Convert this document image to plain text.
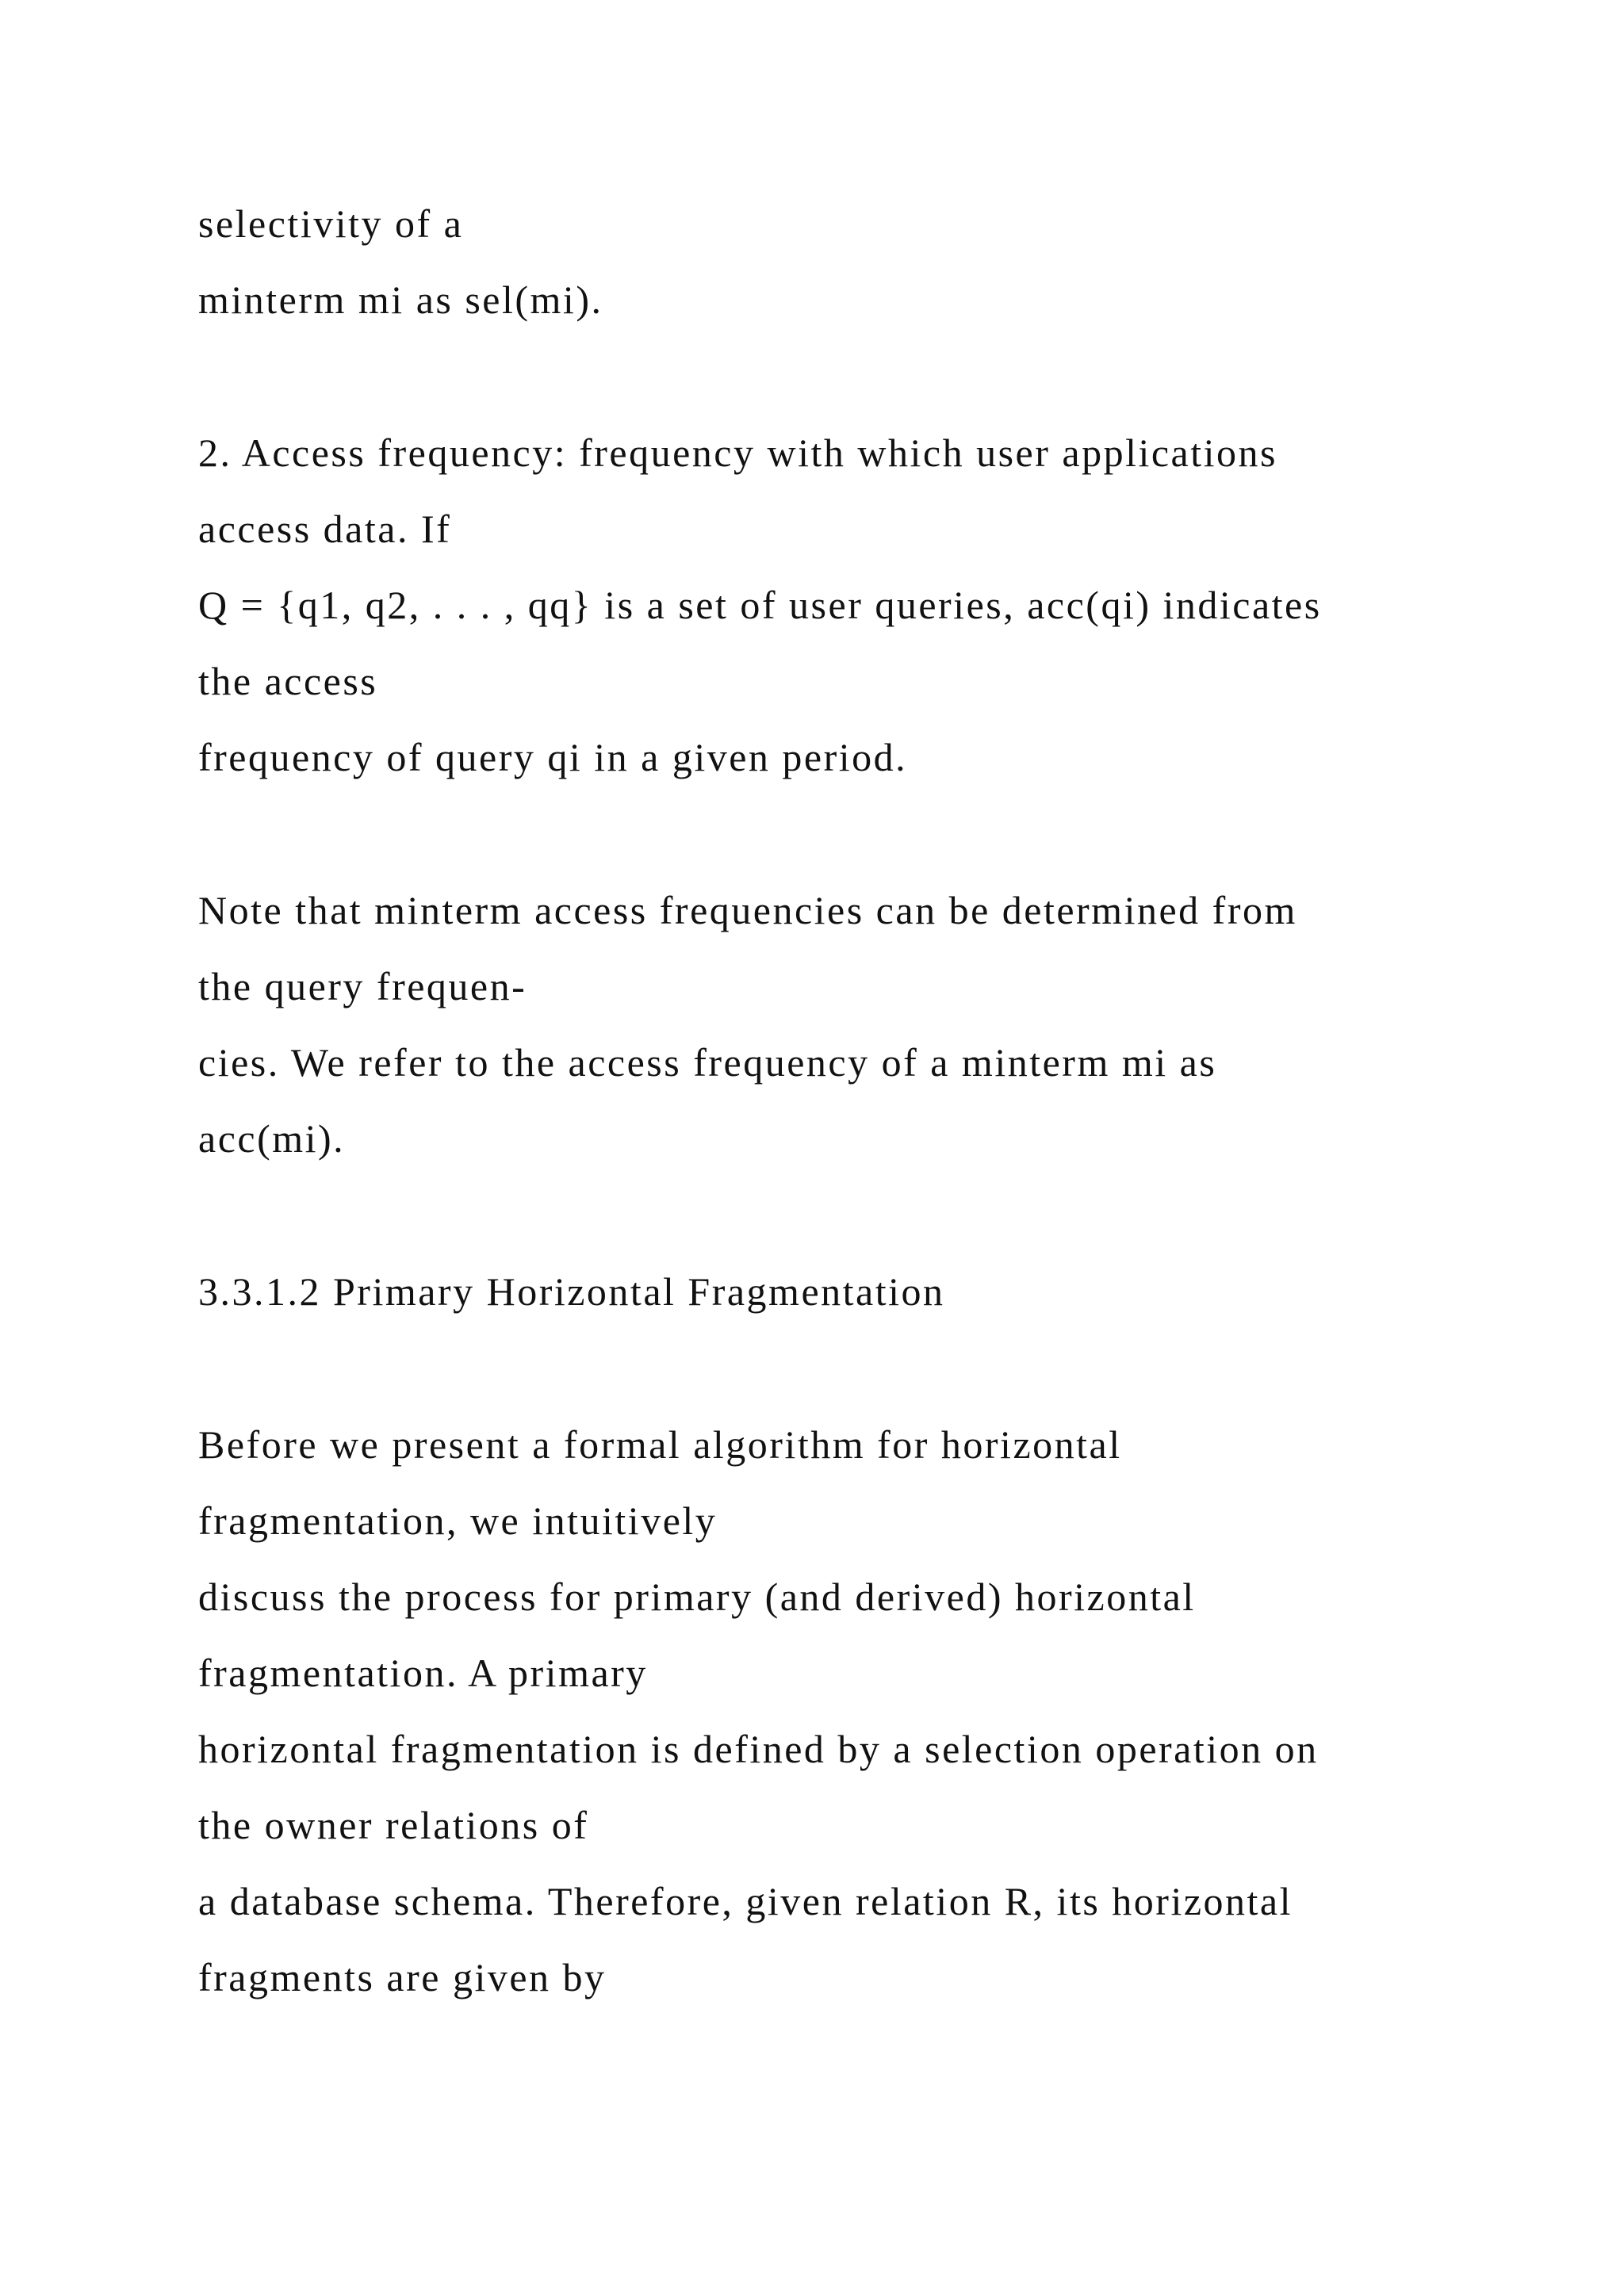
selectivity of a
minterm mi as sel(mi).
2. Access frequency: frequency with which user applications
access data. If
Q = {q1, q2, . . . , qq} is a set of user queries, acc(qi) indicates
the access
frequency of query qi in a given period.
Note that minterm access frequencies can be determined from
the query frequen-
cies. We refer to the access frequency of a minterm mi as
acc(mi).
3.3.1.2 Primary Horizontal Fragmentation
Before we present a formal algorithm for horizontal
fragmentation, we intuitively
discuss the process for primary (and derived) horizontal
fragmentation. A primary
horizontal fragmentation is defined by a selection operation on
the owner relations of
a database schema. Therefore, given relation R, its horizontal
fragments are given by
